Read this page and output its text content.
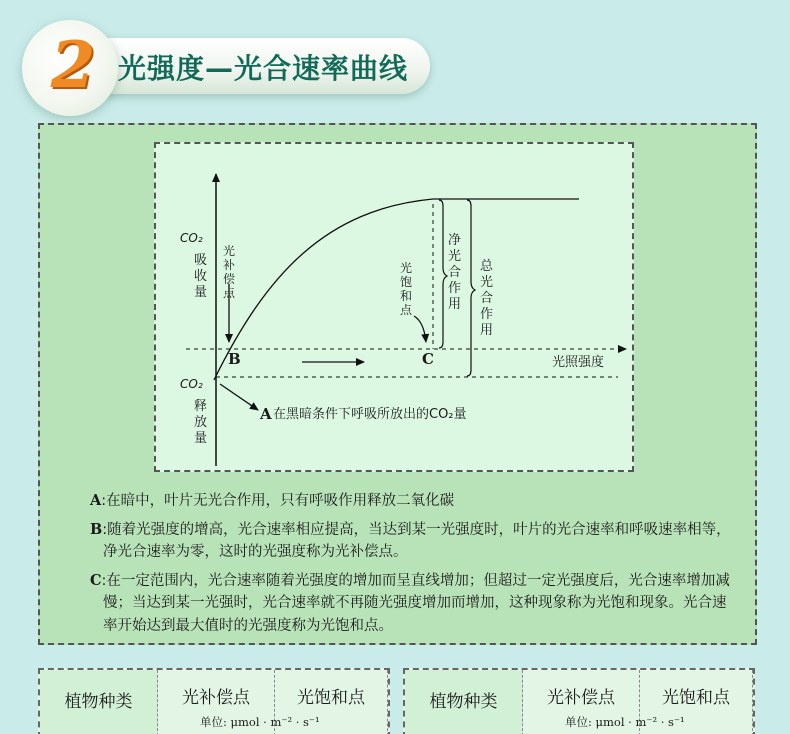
2 光强度—光合速率曲线
CO₂
吸
收
量
CO₂
释
放
量
光
补
偿
点
光
饱
和
点
净
光
合
作
用
总
光
合
作
用
B	C	光照强度
A 在黑暗条件下呼吸所放出的CO₂量

A:在暗中，叶片无光合作用，只有呼吸作用释放二氧化碳

B:随着光强度的增高，光合速率相应提高，当达到某一光强度时，叶片的光合速率和呼吸速率相等，净光合速率为零，这时的光强度称为光补偿点。

C:在一定范围内，光合速率随着光强度的增加而呈直线增加；但超过一定光强度后，光合速率增加减慢；当达到某一光强时，光合速率就不再随光强度增加而增加，这种现象称为光饱和现象。光合速率开始达到最大值时的光强度称为光饱和点。

植物种类	光补偿点	光饱和点
单位: μmol · m⁻² · s⁻¹
植物种类	光补偿点	光饱和点
单位: μmol · m⁻² · s⁻¹
